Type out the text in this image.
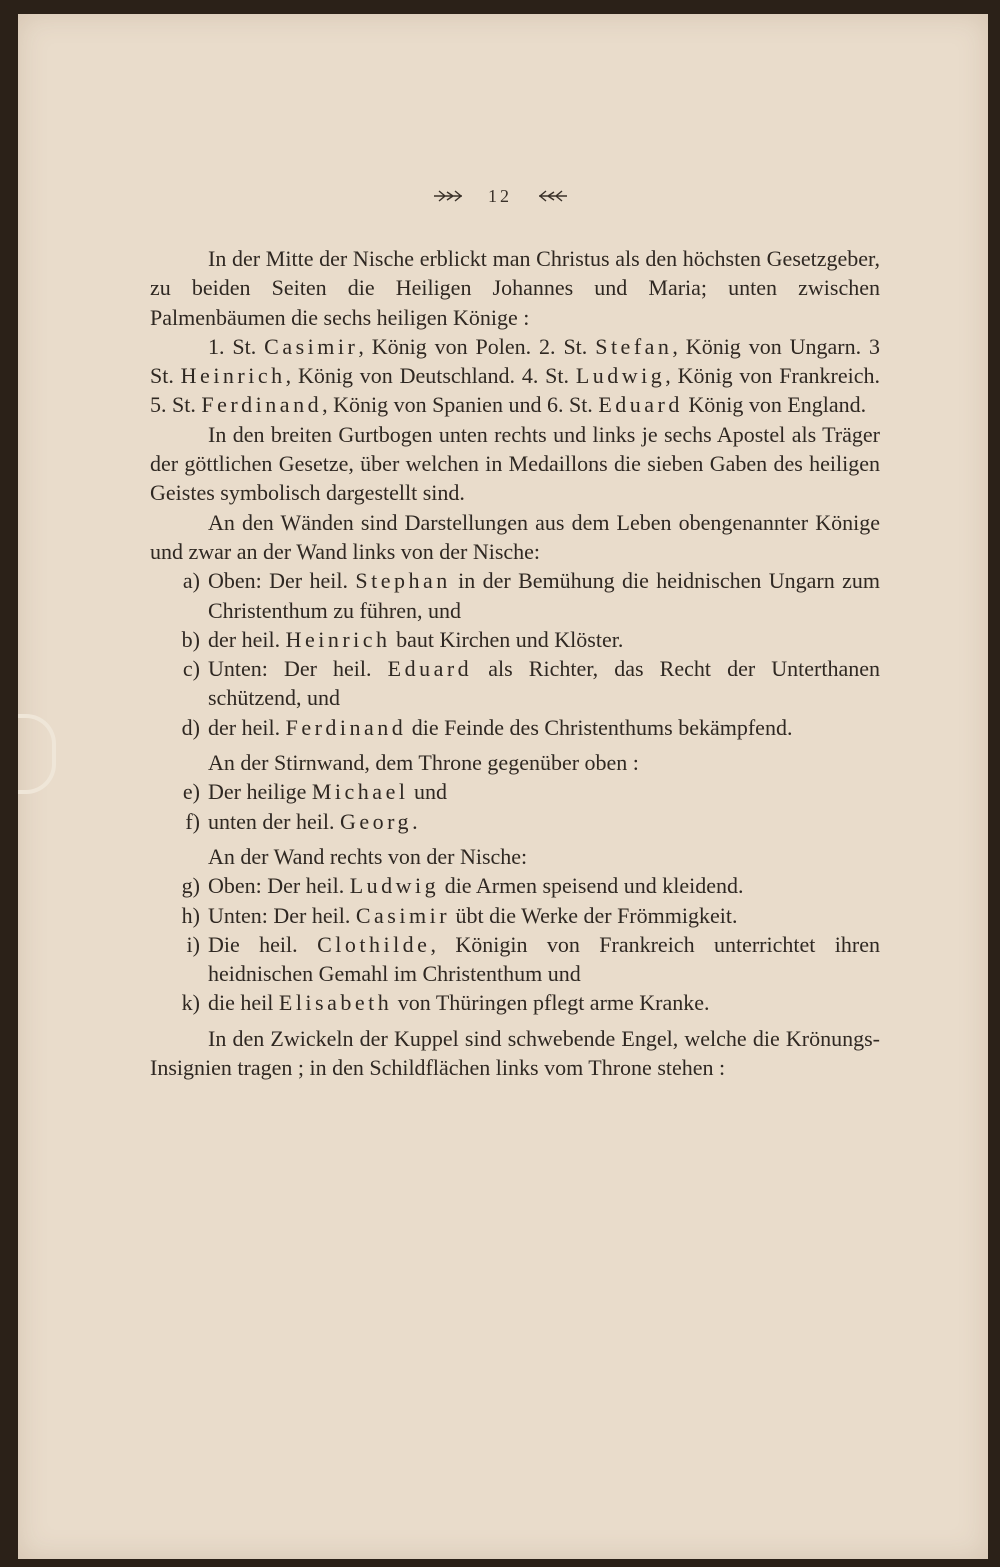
12

In der Mitte der Nische erblickt man Christus als den höchsten Gesetzgeber, zu beiden Seiten die Heiligen Johannes und Maria; unten zwischen Palmenbäumen die sechs heiligen Könige :

1. St. Casimir, König von Polen. 2. St. Stefan, König von Ungarn. 3 St. Heinrich, König von Deutschland. 4. St. Ludwig, König von Frankreich. 5. St. Ferdinand, König von Spanien und 6. St. Eduard König von England.

In den breiten Gurtbogen unten rechts und links je sechs Apostel als Träger der göttlichen Gesetze, über welchen in Medaillons die sieben Gaben des heiligen Geistes symbolisch dargestellt sind.

An den Wänden sind Darstellungen aus dem Leben obengenannter Könige und zwar an der Wand links von der Nische:

a) Oben: Der heil. Stephan in der Bemühung die heidnischen Ungarn zum Christenthum zu führen, und
b) der heil. Heinrich baut Kirchen und Klöster.
c) Unten: Der heil. Eduard als Richter, das Recht der Unterthanen schützend, und
d) der heil. Ferdinand die Feinde des Christenthums bekämpfend.

An der Stirnwand, dem Throne gegenüber oben :

e) Der heilige Michael und
f) unten der heil. Georg.

An der Wand rechts von der Nische:

g) Oben: Der heil. Ludwig die Armen speisend und kleidend.
h) Unten: Der heil. Casimir übt die Werke der Frömmigkeit.
i) Die heil. Clothilde, Königin von Frankreich unterrichtet ihren heidnischen Gemahl im Christenthum und
k) die heil Elisabeth von Thüringen pflegt arme Kranke.

In den Zwickeln der Kuppel sind schwebende Engel, welche die Krönungs-Insignien tragen ; in den Schildflächen links vom Throne stehen :
